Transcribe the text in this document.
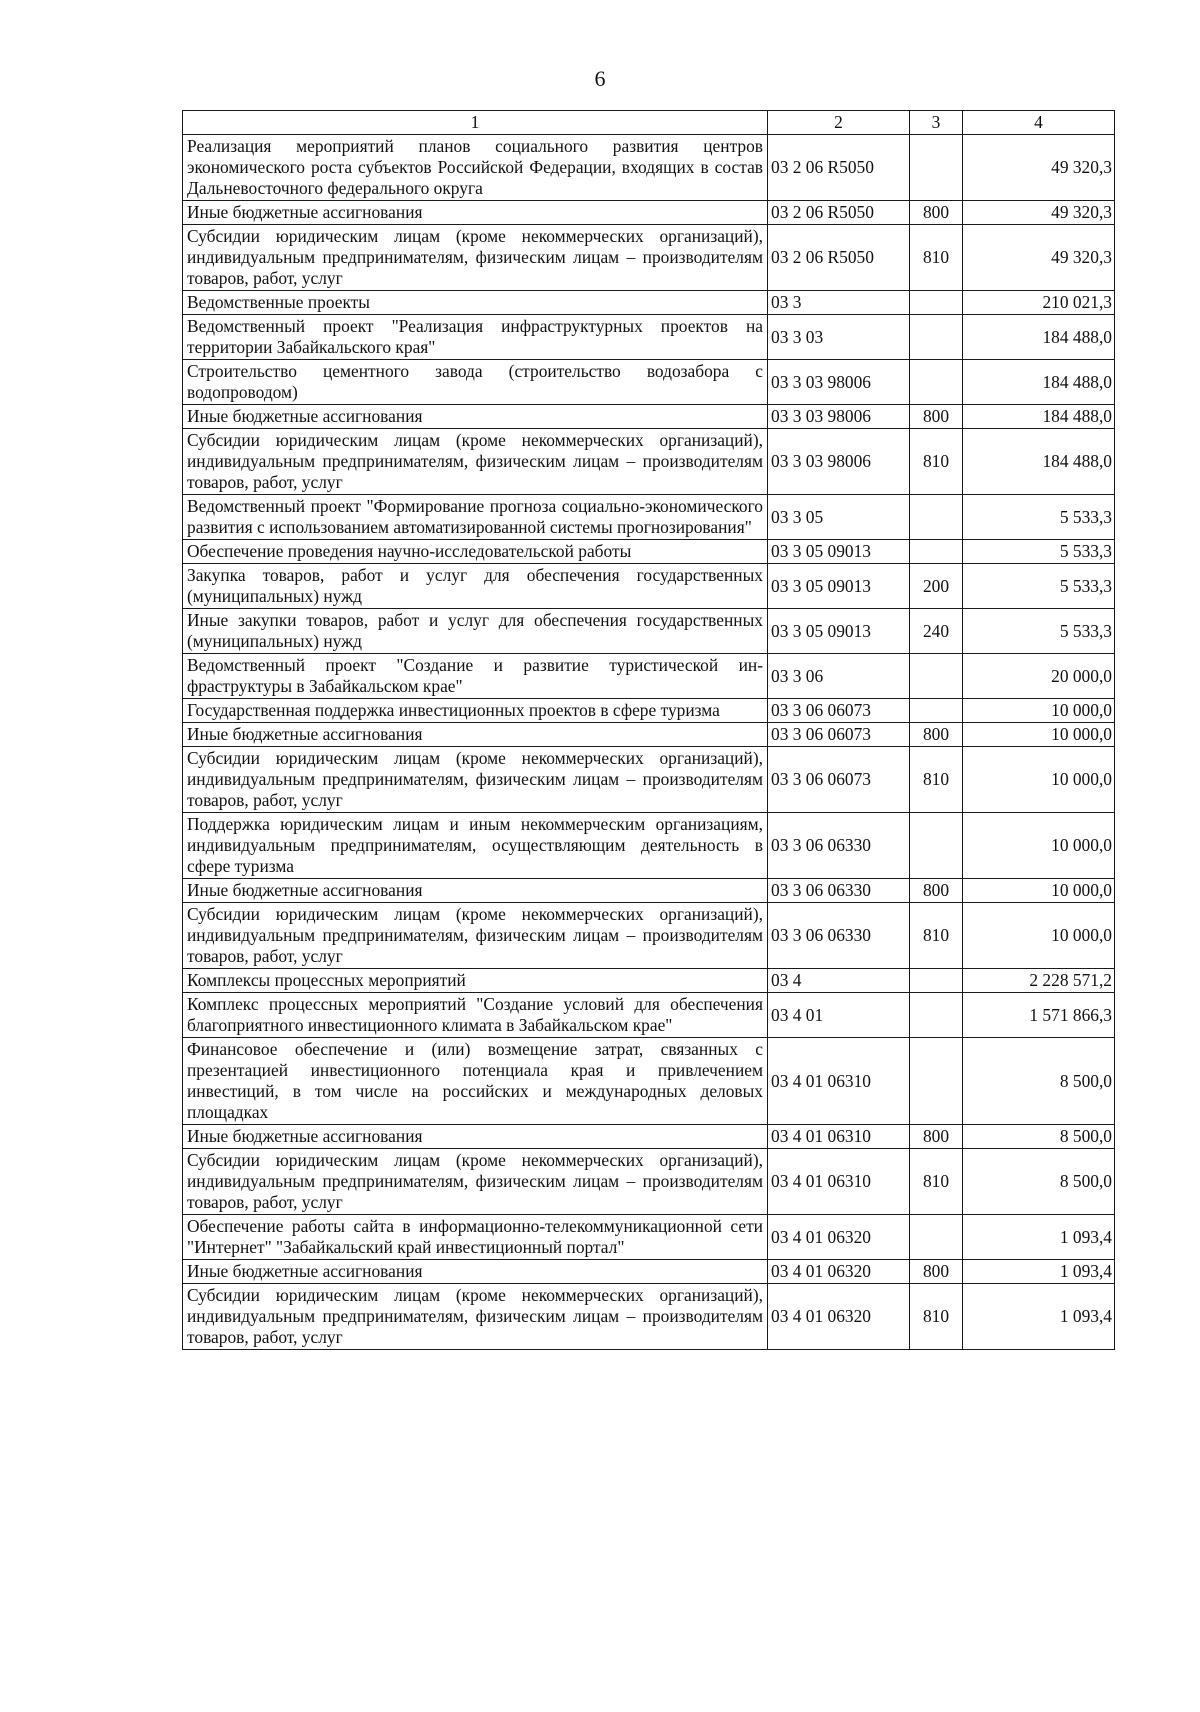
6
1	2	3	4
Реализация мероприятий планов социального развития центров экономического роста субъектов Российской Федерации, входящих в состав Дальневосточного федерального округа	03 2 06 R5050		49 320,3
Иные бюджетные ассигнования	03 2 06 R5050	800	49 320,3
Субсидии юридическим лицам (кроме некоммерческих организаций), индивидуальным предпринимателям, физическим лицам – производителям товаров, работ, услуг	03 2 06 R5050	810	49 320,3
Ведомственные проекты	03 3		210 021,3
Ведомственный проект "Реализация инфраструктурных проектов на территории Забайкальского края"	03 3 03		184 488,0
Строительство цементного завода (строительство водозабора с водопроводом)	03 3 03 98006		184 488,0
Иные бюджетные ассигнования	03 3 03 98006	800	184 488,0
Субсидии юридическим лицам (кроме некоммерческих организаций), индивидуальным предпринимателям, физическим лицам – производителям товаров, работ, услуг	03 3 03 98006	810	184 488,0
Ведомственный проект "Формирование прогноза социально-экономического развития с использованием автоматизированной системы прогнозирования"	03 3 05		5 533,3
Обеспечение проведения научно-исследовательской работы	03 3 05 09013		5 533,3
Закупка товаров, работ и услуг для обеспечения государственных (муниципальных) нужд	03 3 05 09013	200	5 533,3
Иные закупки товаров, работ и услуг для обеспечения государственных (муниципальных) нужд	03 3 05 09013	240	5 533,3
Ведомственный проект "Создание и развитие туристической инфраструктуры в Забайкальском крае"	03 3 06		20 000,0
Государственная поддержка инвестиционных проектов в сфере туризма	03 3 06 06073		10 000,0
Иные бюджетные ассигнования	03 3 06 06073	800	10 000,0
Субсидии юридическим лицам (кроме некоммерческих организаций), индивидуальным предпринимателям, физическим лицам – производителям товаров, работ, услуг	03 3 06 06073	810	10 000,0
Поддержка юридическим лицам и иным некоммерческим организациям, индивидуальным предпринимателям, осуществляющим деятельность в сфере туризма	03 3 06 06330		10 000,0
Иные бюджетные ассигнования	03 3 06 06330	800	10 000,0
Субсидии юридическим лицам (кроме некоммерческих организаций), индивидуальным предпринимателям, физическим лицам – производителям товаров, работ, услуг	03 3 06 06330	810	10 000,0
Комплексы процессных мероприятий	03 4		2 228 571,2
Комплекс процессных мероприятий "Создание условий для обеспечения благоприятного инвестиционного климата в Забайкальском крае"	03 4 01		1 571 866,3
Финансовое обеспечение и (или) возмещение затрат, связанных с презентацией инвестиционного потенциала края и привлечением инвестиций, в том числе на российских и международных деловых площадках	03 4 01 06310		8 500,0
Иные бюджетные ассигнования	03 4 01 06310	800	8 500,0
Субсидии юридическим лицам (кроме некоммерческих организаций), индивидуальным предпринимателям, физическим лицам – производителям товаров, работ, услуг	03 4 01 06310	810	8 500,0
Обеспечение работы сайта в информационно-телекоммуникационной сети "Интернет" "Забайкальский край инвестиционный портал"	03 4 01 06320		1 093,4
Иные бюджетные ассигнования	03 4 01 06320	800	1 093,4
Субсидии юридическим лицам (кроме некоммерческих организаций), индивидуальным предпринимателям, физическим лицам – производителям товаров, работ, услуг	03 4 01 06320	810	1 093,4
